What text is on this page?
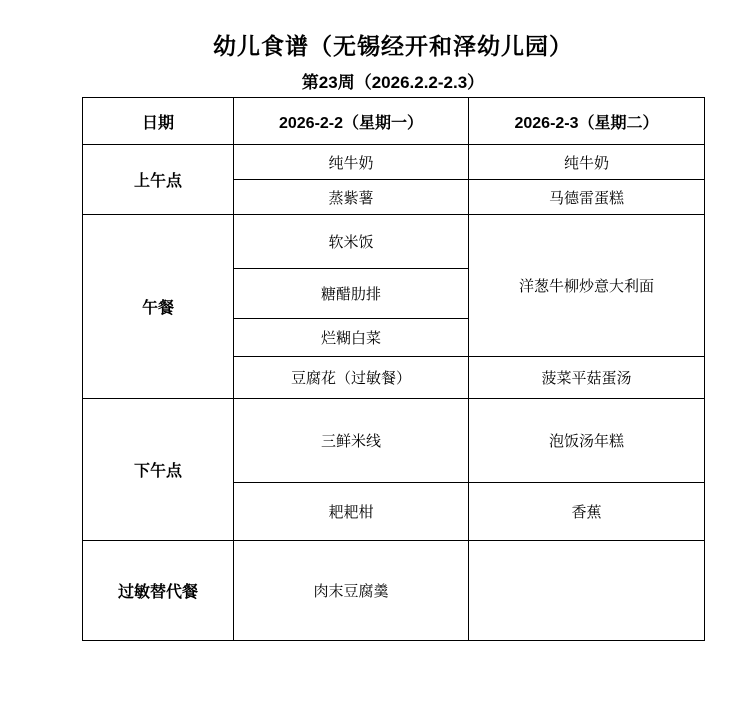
幼儿食谱（无锡经开和泽幼儿园）
第23周（2026.2.2-2.3）
日期	2026-2-2（星期一）	2026-2-3（星期二）
上午点	纯牛奶	纯牛奶
	蒸紫薯	马德雷蛋糕
午餐	软米饭	洋葱牛柳炒意大利面
	糖醋肋排	
	烂糊白菜	
	豆腐花（过敏餐）	菠菜平菇蛋汤
下午点	三鲜米线	泡饭汤年糕
	耙耙柑	香蕉
过敏替代餐	肉末豆腐羹	
